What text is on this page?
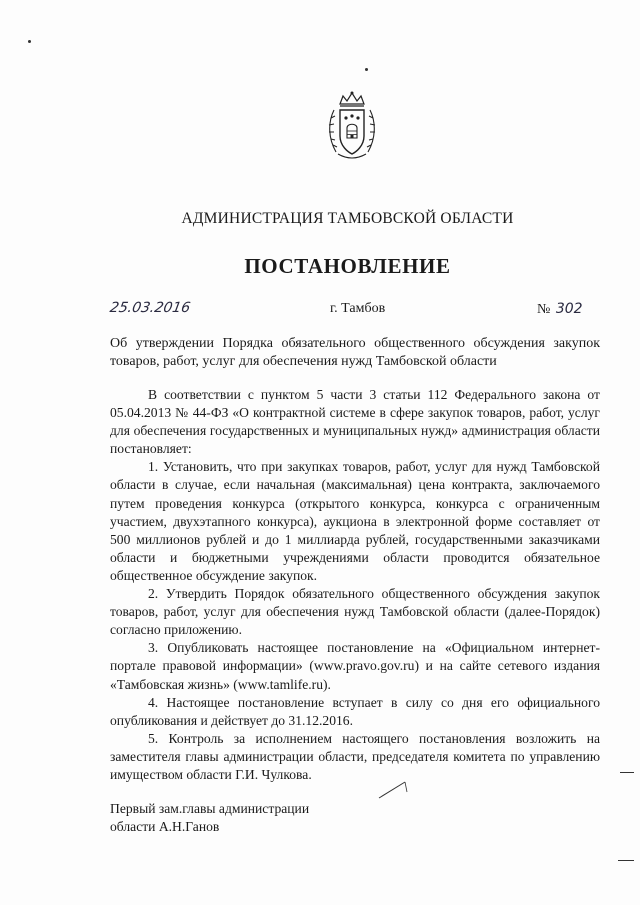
АДМИНИСТРАЦИЯ ТАМБОВСКОЙ ОБЛАСТИ
ПОСТАНОВЛЕНИЕ
25.03.2016	г. Тамбов	№ 302
Об утверждении Порядка обязательного общественного обсуждения закупок товаров, работ, услуг для обеспечения нужд Тамбовской области

В соответствии с пунктом 5 части 3 статьи 112 Федерального закона от 05.04.2013 № 44-ФЗ «О контрактной системе в сфере закупок товаров, работ, услуг для обеспечения государственных и муниципальных нужд» администрация области постановляет:

1. Установить, что при закупках товаров, работ, услуг для нужд Тамбовской области в случае, если начальная (максимальная) цена контракта, заключаемого путем проведения конкурса (открытого конкурса, конкурса с ограниченным участием, двухэтапного конкурса), аукциона в электронной форме составляет от 500 миллионов рублей и до 1 миллиарда рублей, государственными заказчиками области и бюджетными учреждениями области проводится обязательное общественное обсуждение закупок.

2. Утвердить Порядок обязательного общественного обсуждения закупок товаров, работ, услуг для обеспечения нужд Тамбовской области (далее-Порядок) согласно приложению.

3. Опубликовать настоящее постановление на «Официальном интернет-портале правовой информации» (www.pravo.gov.ru) и на сайте сетевого издания «Тамбовская жизнь» (www.tamlife.ru).

4. Настоящее постановление вступает в силу со дня его официального опубликования и действует до 31.12.2016.

5. Контроль за исполнением настоящего постановления возложить на заместителя главы администрации области, председателя комитета по управлению имуществом области Г.И. Чулкова.

Первый зам.главы администрации
области А.Н.Ганов
